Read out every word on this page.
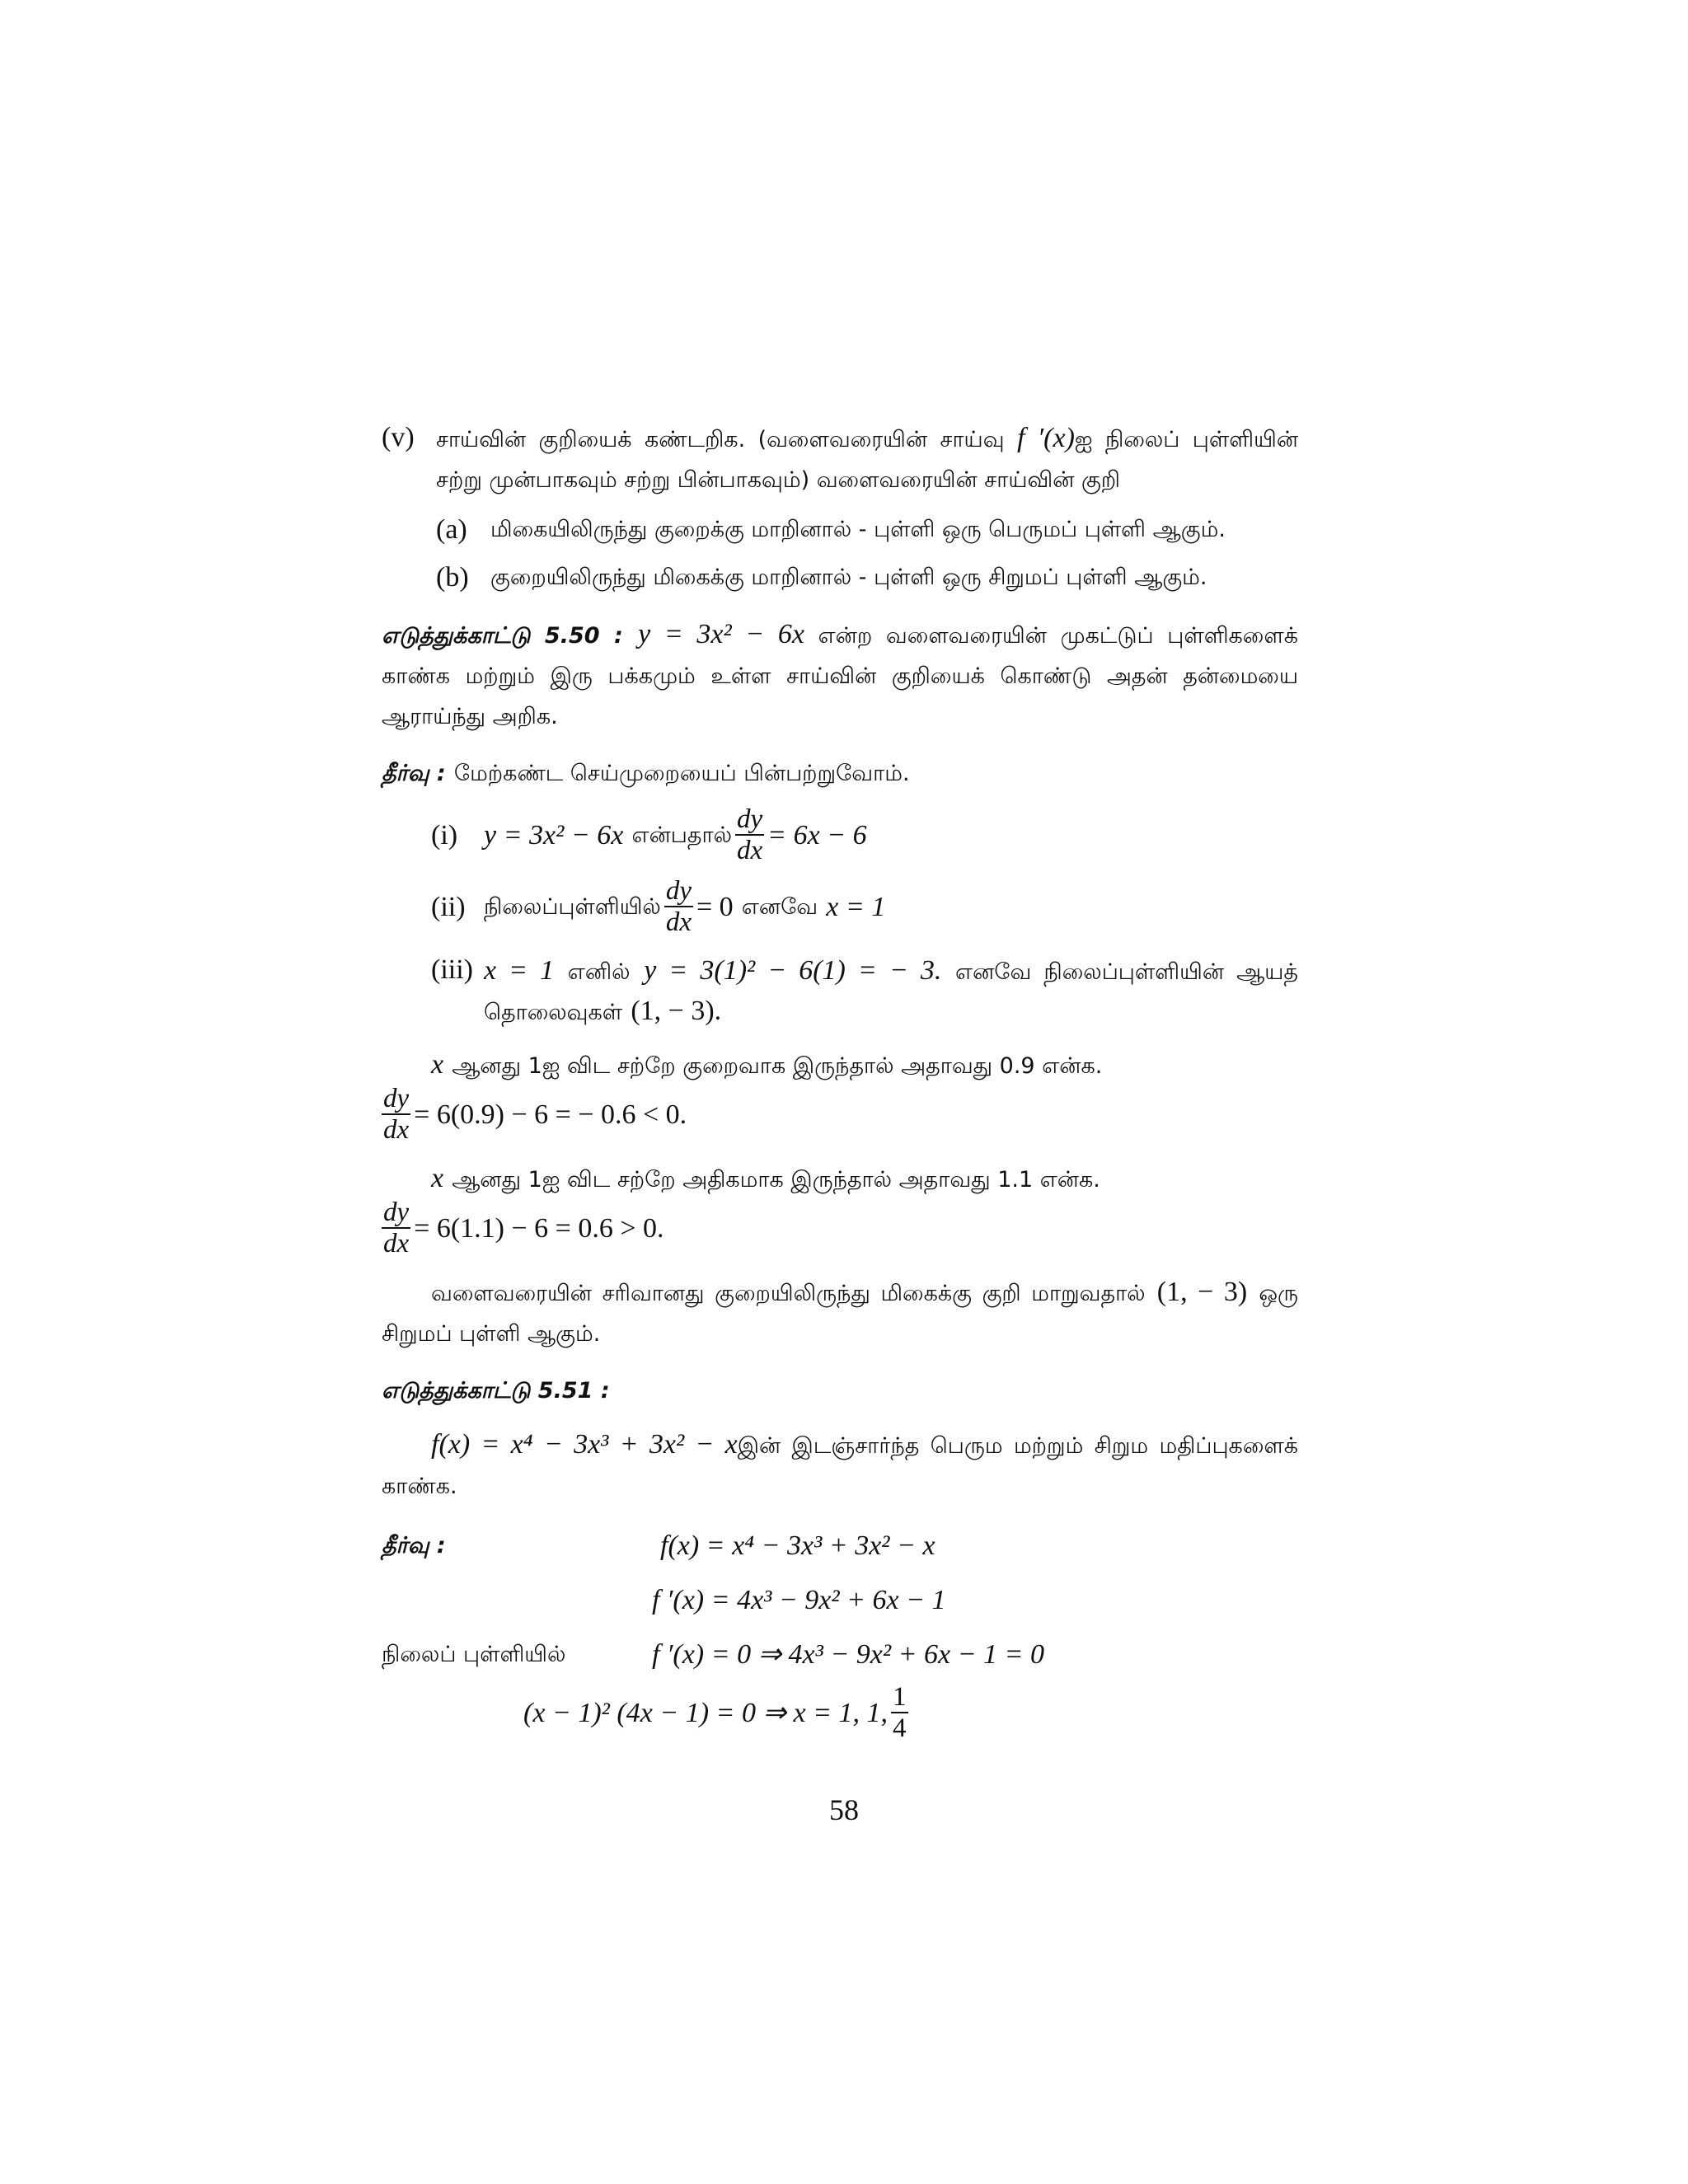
(v) சாய்வின் குறியைக் கண்டறிக. (வளைவரையின் சாய்வு f ′(x)ஐ நிலைப் புள்ளியின் சற்று முன்பாகவும் சற்று பின்பாகவும்) வளைவரையின் சாய்வின் குறி
(a) மிகையிலிருந்து குறைக்கு மாறினால் - புள்ளி ஒரு பெருமப் புள்ளி ஆகும்.
(b) குறையிலிருந்து மிகைக்கு மாறினால் - புள்ளி ஒரு சிறுமப் புள்ளி ஆகும்.
எடுத்துக்காட்டு 5.50 : y = 3x² − 6x என்ற வளைவரையின் முகட்டுப் புள்ளிகளைக் காண்க மற்றும் இரு பக்கமும் உள்ள சாய்வின் குறியைக் கொண்டு அதன் தன்மையை ஆராய்ந்து அறிக.
தீர்வு : மேற்கண்ட செய்முறையைப் பின்பற்றுவோம்.
(i) y = 3x² − 6x
என்பதால் $\frac{dy}{dx} = 6x - 6$
(ii) நிலைப்புள்ளியில் $\frac{dy}{dx} = 0$
எனவே
x = 1
(iii) x = 1 எனில் y = 3(1)² − 6(1) = − 3. எனவே நிலைப்புள்ளியின் ஆயத் தொலைவுகள் (1, − 3).
x ஆனது 1ஐ விட சற்றே குறைவாக இருந்தால் அதாவது 0.9 என்க.
$\frac{dy}{dx} = 6(0.9) - 6$ = − 0.6 < 0.
x ஆனது 1ஐ விட சற்றே அதிகமாக இருந்தால் அதாவது 1.1 என்க.
$\frac{dy}{dx} = 6(1.1) - 6 = 0.6 > 0$.
வளைவரையின் சரிவானது குறையிலிருந்து மிகைக்கு குறி மாறுவதால் (1, − 3) ஒரு சிறுமப் புள்ளி ஆகும்.
எடுத்துக்காட்டு 5.51 :
f(x) = x⁴ − 3x³ + 3x² − xஇன் இடஞ்சார்ந்த பெரும மற்றும் சிறும மதிப்புகளைக் காண்க.
தீர்வு :	f(x) = x⁴ − 3x³ + 3x² − x
f ′(x) = 4x³ − 9x² + 6x − 1
நிலைப் புள்ளியில்	f ′(x) = 0 ⇒ 4x³ − 9x² + 6x − 1 = 0
(x − 1)² (4x − 1) = 0 ⇒ x = 1, 1, $\frac{1}{4}$
58
